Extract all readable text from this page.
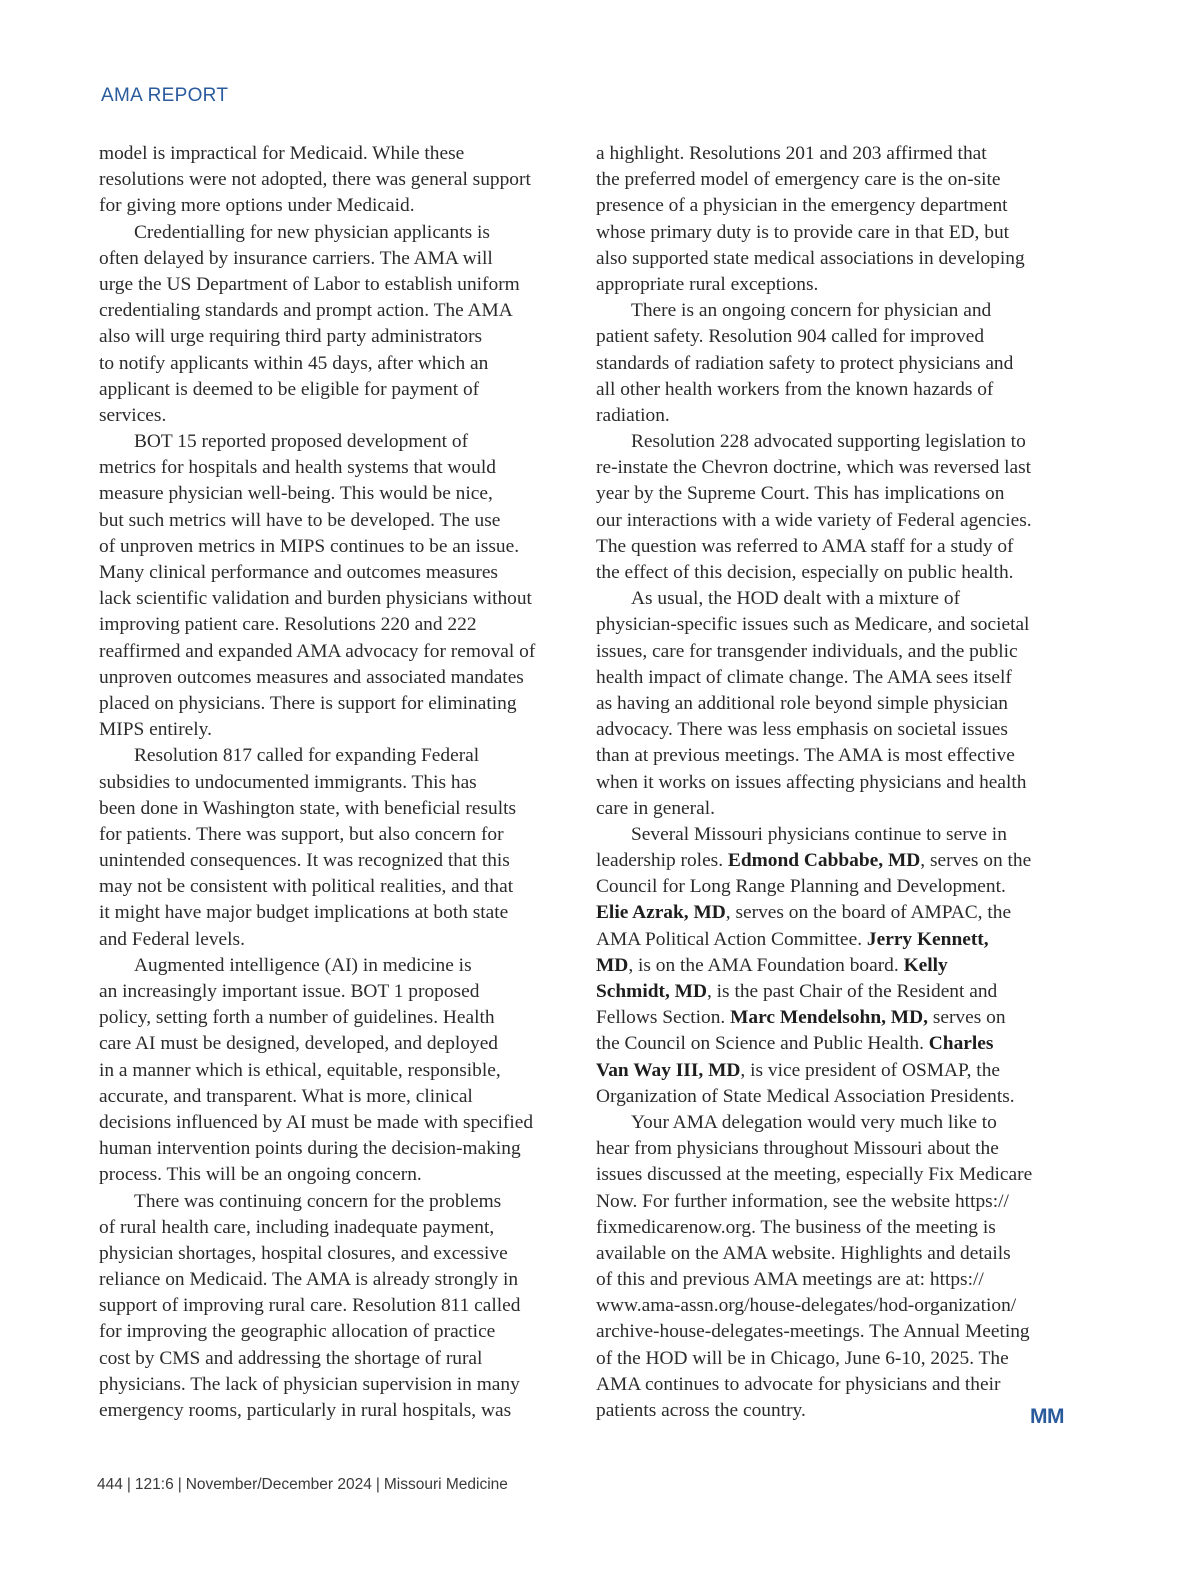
AMA REPORT
model is impractical for Medicaid. While these
resolutions were not adopted, there was general support
for giving more options under Medicaid.
Credentialling for new physician applicants is
often delayed by insurance carriers. The AMA will
urge the US Department of Labor to establish uniform
credentialing standards and prompt action. The AMA
also will urge requiring third party administrators
to notify applicants within 45 days, after which an
applicant is deemed to be eligible for payment of
services.
BOT 15 reported proposed development of
metrics for hospitals and health systems that would
measure physician well-being. This would be nice,
but such metrics will have to be developed. The use
of unproven metrics in MIPS continues to be an issue.
Many clinical performance and outcomes measures
lack scientific validation and burden physicians without
improving patient care. Resolutions 220 and 222
reaffirmed and expanded AMA advocacy for removal of
unproven outcomes measures and associated mandates
placed on physicians. There is support for eliminating
MIPS entirely.
Resolution 817 called for expanding Federal
subsidies to undocumented immigrants. This has
been done in Washington state, with beneficial results
for patients. There was support, but also concern for
unintended consequences. It was recognized that this
may not be consistent with political realities, and that
it might have major budget implications at both state
and Federal levels.
Augmented intelligence (AI) in medicine is
an increasingly important issue. BOT 1 proposed
policy, setting forth a number of guidelines. Health
care AI must be designed, developed, and deployed
in a manner which is ethical, equitable, responsible,
accurate, and transparent. What is more, clinical
decisions influenced by AI must be made with specified
human intervention points during the decision-making
process. This will be an ongoing concern.
There was continuing concern for the problems
of rural health care, including inadequate payment,
physician shortages, hospital closures, and excessive
reliance on Medicaid. The AMA is already strongly in
support of improving rural care. Resolution 811 called
for improving the geographic allocation of practice
cost by CMS and addressing the shortage of rural
physicians. The lack of physician supervision in many
emergency rooms, particularly in rural hospitals, was
a highlight. Resolutions 201 and 203 affirmed that
the preferred model of emergency care is the on-site
presence of a physician in the emergency department
whose primary duty is to provide care in that ED, but
also supported state medical associations in developing
appropriate rural exceptions.
There is an ongoing concern for physician and
patient safety. Resolution 904 called for improved
standards of radiation safety to protect physicians and
all other health workers from the known hazards of
radiation.
Resolution 228 advocated supporting legislation to
re-instate the Chevron doctrine, which was reversed last
year by the Supreme Court. This has implications on
our interactions with a wide variety of Federal agencies.
The question was referred to AMA staff for a study of
the effect of this decision, especially on public health.
As usual, the HOD dealt with a mixture of
physician-specific issues such as Medicare, and societal
issues, care for transgender individuals, and the public
health impact of climate change. The AMA sees itself
as having an additional role beyond simple physician
advocacy. There was less emphasis on societal issues
than at previous meetings. The AMA is most effective
when it works on issues affecting physicians and health
care in general.
Several Missouri physicians continue to serve in
leadership roles. Edmond Cabbabe, MD, serves on the
Council for Long Range Planning and Development.
Elie Azrak, MD, serves on the board of AMPAC, the
AMA Political Action Committee. Jerry Kennett,
MD, is on the AMA Foundation board. Kelly
Schmidt, MD, is the past Chair of the Resident and
Fellows Section. Marc Mendelsohn, MD, serves on
the Council on Science and Public Health. Charles
Van Way III, MD, is vice president of OSMAP, the
Organization of State Medical Association Presidents.
Your AMA delegation would very much like to
hear from physicians throughout Missouri about the
issues discussed at the meeting, especially Fix Medicare
Now. For further information, see the website https://
fixmedicarenow.org. The business of the meeting is
available on the AMA website. Highlights and details
of this and previous AMA meetings are at: https://
www.ama-assn.org/house-delegates/hod-organization/
archive-house-delegates-meetings. The Annual Meeting
of the HOD will be in Chicago, June 6-10, 2025. The
AMA continues to advocate for physicians and their
patients across the country.	MM
444 | 121:6 | November/December 2024 | Missouri Medicine
